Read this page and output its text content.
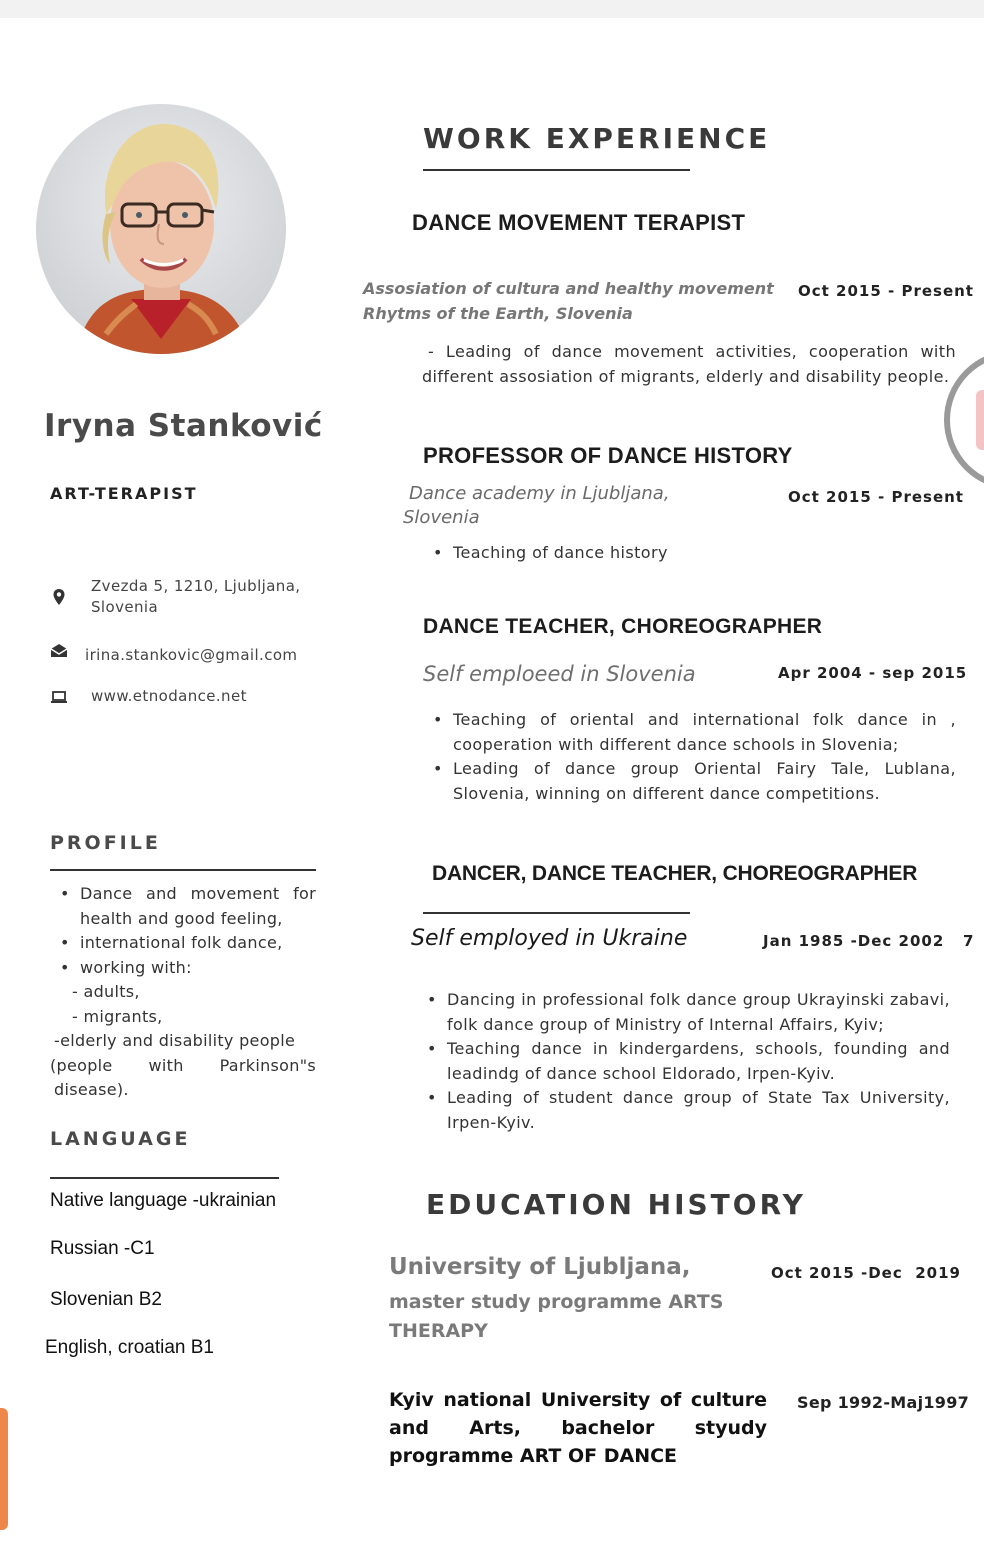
Iryna Stanković
ART-TERAPIST
Zvezda 5, 1210, Ljubljana,
Slovenia
irina.stankovic@gmail.com
www.etnodance.net
PROFILE
• Dance and movement for health and good feeling,
• international folk dance,
• working with:
- adults,
- migrants,
-elderly and disability people
(people with Parkinson"s
disease).
LANGUAGE
Native language -ukrainian
Russian -C1
Slovenian B2
English, croatian B1
WORK EXPERIENCE
DANCE MOVEMENT TERAPIST
Assosiation of cultura and healthy movement
Rhytms of the Earth, Slovenia
Oct 2015 - Present
- Leading of dance movement activities, cooperation with different assosiation of migrants, elderly and disability people.
PROFESSOR OF DANCE HISTORY
Dance academy in Ljubljana,
Slovenia
Oct 2015 - Present
• Teaching of dance history
DANCE TEACHER, CHOREOGRAPHER
Self emploeed in Slovenia	Apr 2004 - sep 2015
• Teaching of oriental and international folk dance in , cooperation with different dance schools in Slovenia;
• Leading of dance group Oriental Fairy Tale, Lublana, Slovenia, winning on different dance competitions.
DANCER, DANCE TEACHER, CHOREOGRAPHER
Self employed in Ukraine	Jan 1985 -Dec 2002   7
• Dancing in professional folk dance group Ukrayinski zabavi, folk dance group of Ministry of Internal Affairs, Kyiv;
• Teaching dance in kindergardens, schools, founding and leadindg of dance school Eldorado, Irpen-Kyiv.
• Leading of student dance group of State Tax University, Irpen-Kyiv.
EDUCATION HISTORY
University of Ljubljana,
master study programme ARTS
THERAPY
Oct 2015 -Dec  2019
Kyiv national University of culture and Arts, bachelor styudy programme ART OF DANCE
Sep 1992-Maj1997
